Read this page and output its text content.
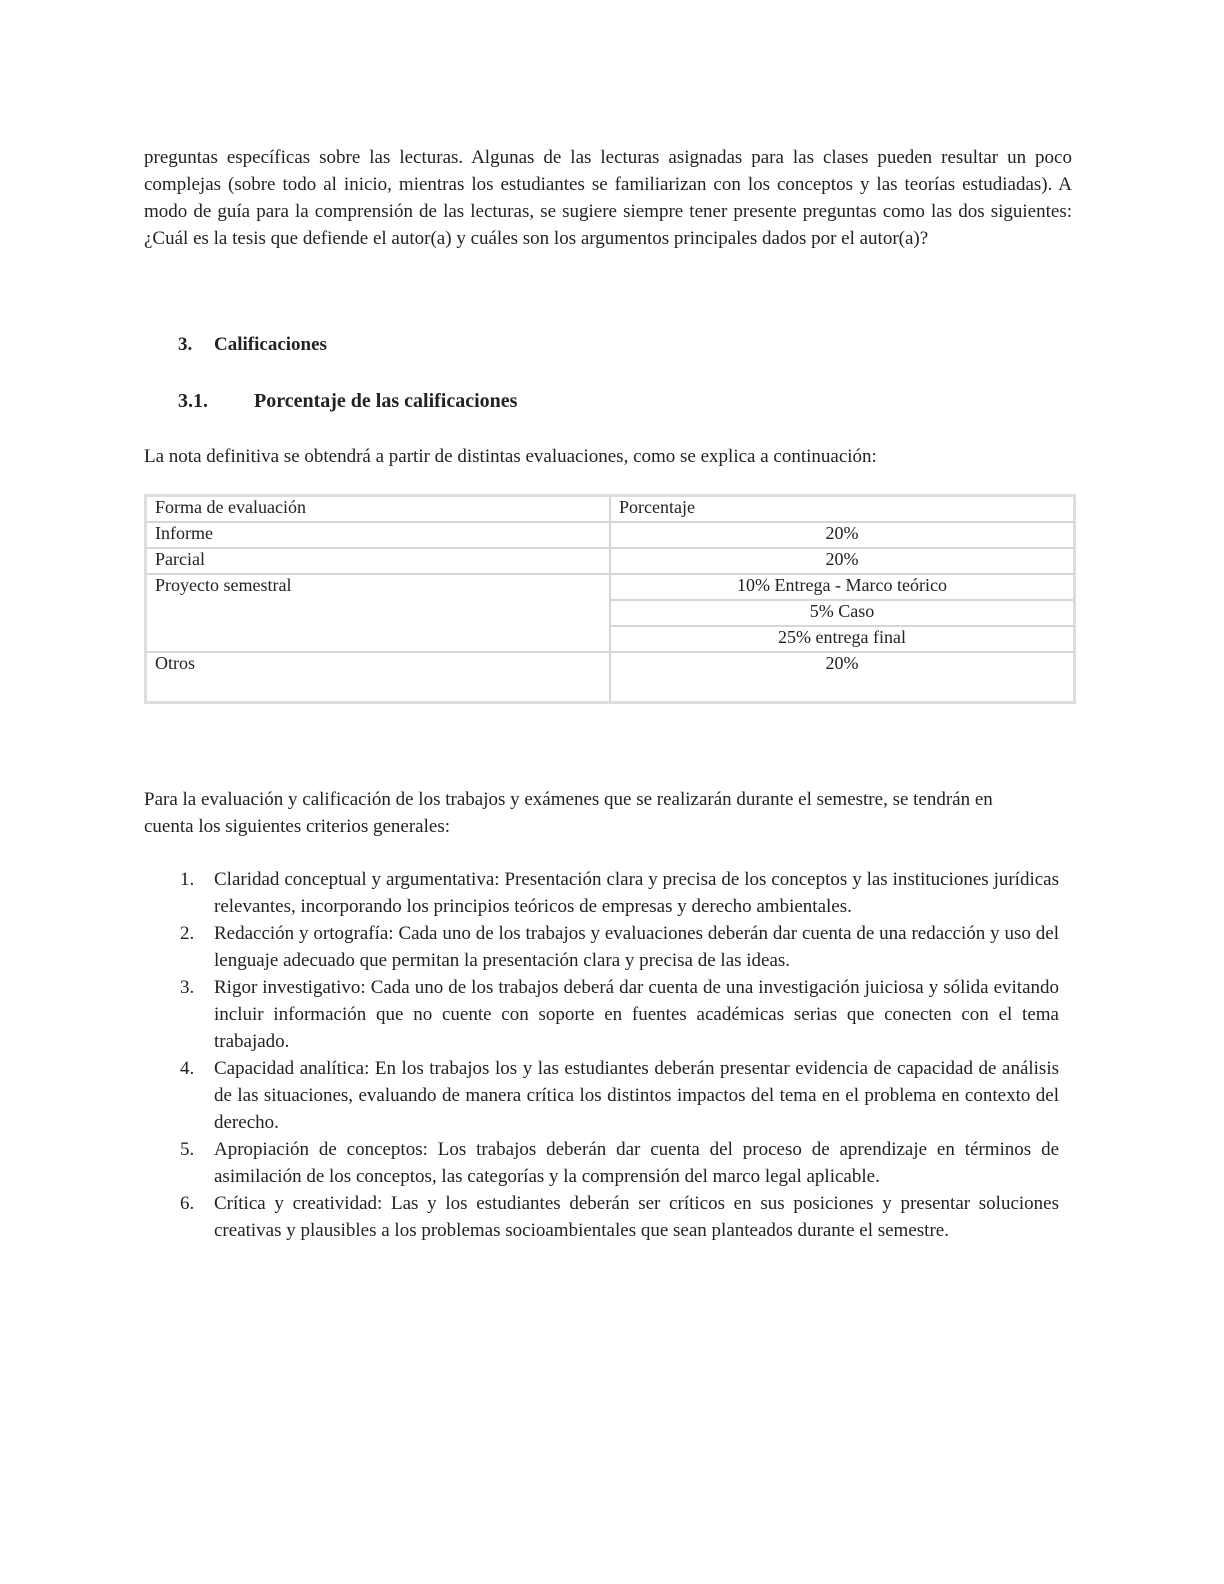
preguntas específicas sobre las lecturas. Algunas de las lecturas asignadas para las clases pueden resultar un poco complejas (sobre todo al inicio, mientras los estudiantes se familiarizan con los conceptos y las teorías estudiadas). A modo de guía para la comprensión de las lecturas, se sugiere siempre tener presente preguntas como las dos siguientes: ¿Cuál es la tesis que defiende el autor(a) y cuáles son los argumentos principales dados por el autor(a)?

3. Calificaciones
3.1. Porcentaje de las calificaciones

La nota definitiva se obtendrá a partir de distintas evaluaciones, como se explica a continuación:

Forma de evaluación	Porcentaje
Informe	20%
Parcial	20%
Proyecto semestral	10% Entrega - Marco teórico
	5% Caso
	25% entrega final
Otros	20%

Para la evaluación y calificación de los trabajos y exámenes que se realizarán durante el semestre, se tendrán en cuenta los siguientes criterios generales:

1. Claridad conceptual y argumentativa: Presentación clara y precisa de los conceptos y las instituciones jurídicas relevantes, incorporando los principios teóricos de empresas y derecho ambientales.
2. Redacción y ortografía: Cada uno de los trabajos y evaluaciones deberán dar cuenta de una redacción y uso del lenguaje adecuado que permitan la presentación clara y precisa de las ideas.
3. Rigor investigativo: Cada uno de los trabajos deberá dar cuenta de una investigación juiciosa y sólida evitando incluir información que no cuente con soporte en fuentes académicas serias que conecten con el tema trabajado.
4. Capacidad analítica: En los trabajos los y las estudiantes deberán presentar evidencia de capacidad de análisis de las situaciones, evaluando de manera crítica los distintos impactos del tema en el problema en contexto del derecho.
5. Apropiación de conceptos: Los trabajos deberán dar cuenta del proceso de aprendizaje en términos de asimilación de los conceptos, las categorías y la comprensión del marco legal aplicable.
6. Crítica y creatividad: Las y los estudiantes deberán ser críticos en sus posiciones y presentar soluciones creativas y plausibles a los problemas socioambientales que sean planteados durante el semestre.
